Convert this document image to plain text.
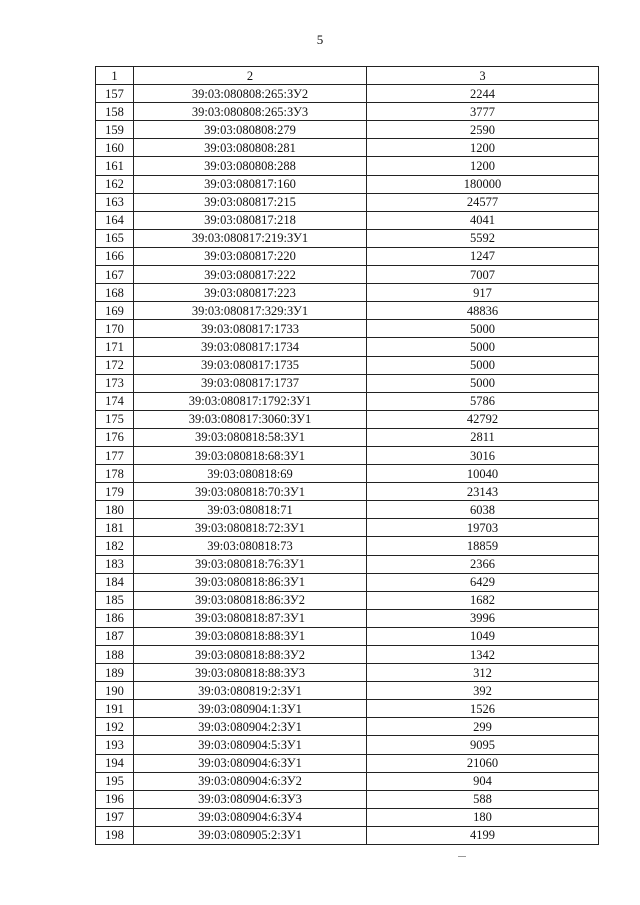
5
1	2	3
157	39:03:080808:265:ЗУ2	2244
158	39:03:080808:265:ЗУ3	3777
159	39:03:080808:279	2590
160	39:03:080808:281	1200
161	39:03:080808:288	1200
162	39:03:080817:160	180000
163	39:03:080817:215	24577
164	39:03:080817:218	4041
165	39:03:080817:219:ЗУ1	5592
166	39:03:080817:220	1247
167	39:03:080817:222	7007
168	39:03:080817:223	917
169	39:03:080817:329:ЗУ1	48836
170	39:03:080817:1733	5000
171	39:03:080817:1734	5000
172	39:03:080817:1735	5000
173	39:03:080817:1737	5000
174	39:03:080817:1792:ЗУ1	5786
175	39:03:080817:3060:ЗУ1	42792
176	39:03:080818:58:ЗУ1	2811
177	39:03:080818:68:ЗУ1	3016
178	39:03:080818:69	10040
179	39:03:080818:70:ЗУ1	23143
180	39:03:080818:71	6038
181	39:03:080818:72:ЗУ1	19703
182	39:03:080818:73	18859
183	39:03:080818:76:ЗУ1	2366
184	39:03:080818:86:ЗУ1	6429
185	39:03:080818:86:ЗУ2	1682
186	39:03:080818:87:ЗУ1	3996
187	39:03:080818:88:ЗУ1	1049
188	39:03:080818:88:ЗУ2	1342
189	39:03:080818:88:ЗУ3	312
190	39:03:080819:2:ЗУ1	392
191	39:03:080904:1:ЗУ1	1526
192	39:03:080904:2:ЗУ1	299
193	39:03:080904:5:ЗУ1	9095
194	39:03:080904:6:ЗУ1	21060
195	39:03:080904:6:ЗУ2	904
196	39:03:080904:6:ЗУ3	588
197	39:03:080904:6:ЗУ4	180
198	39:03:080905:2:ЗУ1	4199
